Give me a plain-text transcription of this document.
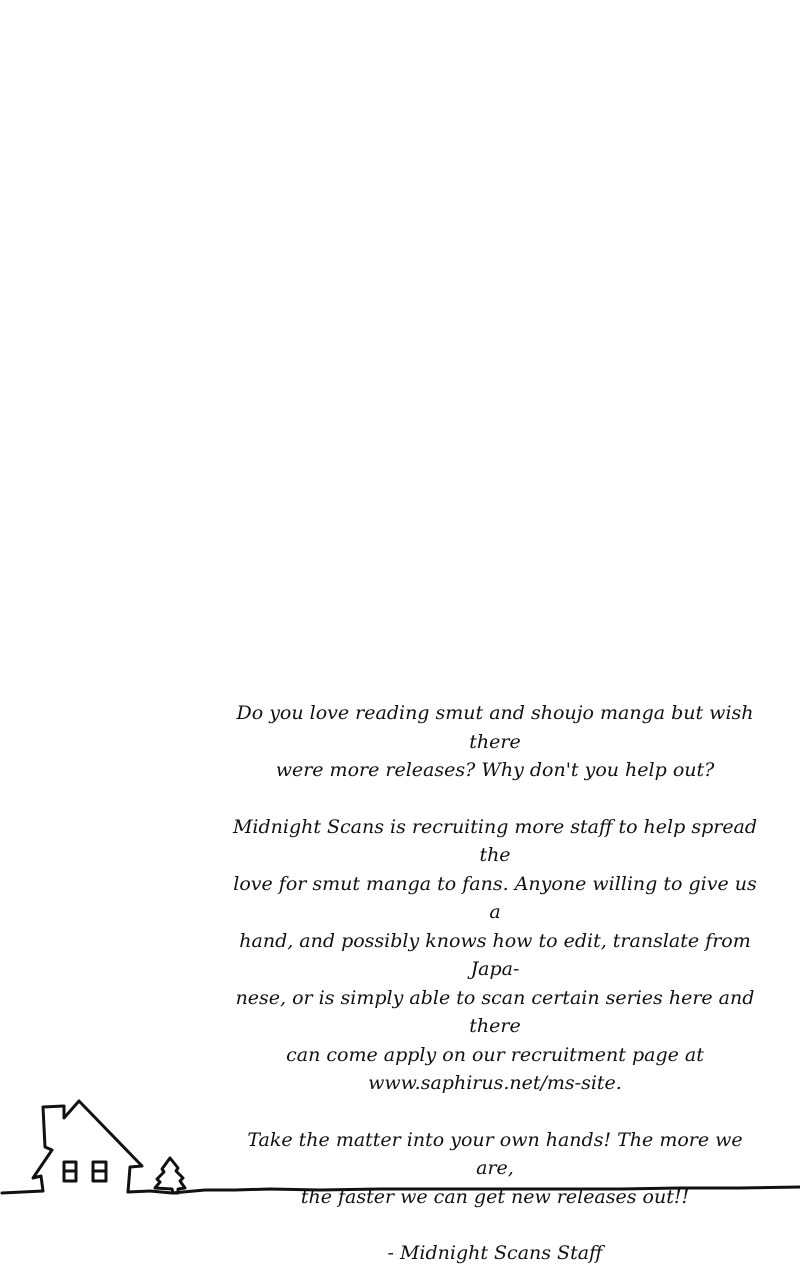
Do you love reading smut and shoujo manga but wish there

were more releases? Why don't you help out?

Midnight Scans is recruiting more staff to help spread the

love for smut manga to fans. Anyone willing to give us a

hand, and possibly knows how to edit, translate from Japa-

nese, or is simply able to scan certain series here and there

can come apply on our recruitment page at

www.saphirus.net/ms-site.

Take the matter into your own hands! The more we are,

the faster we can get new releases out!!

- Midnight Scans Staff
